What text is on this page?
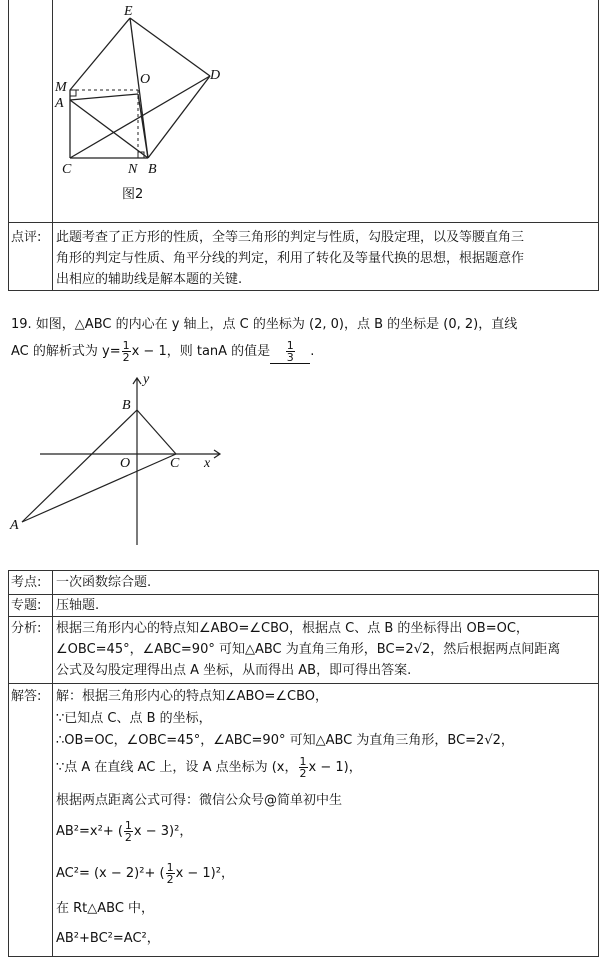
E
M
A
O	D
C	N B
图2
点评: 此题考查了正方形的性质，全等三角形的判定与性质，勾股定理，以及等腰直角三
角形的判定与性质、角平分线的判定，利用了转化及等量代换的思想，根据题意作
出相应的辅助线是解本题的关键.
19. 如图，△ABC 的内心在 y 轴上，点 C 的坐标为 (2, 0)，点 B 的坐标是 (0, 2)，直线
AC 的解析式为 $y= \frac{1}{2}$ x − 1，则 tanA 的值是 $\frac{1}{3}$ .
y
B
O	C x
A
考点: 一次函数综合题.
专题: 压轴题.
分析: 根据三角形内心的特点知∠ABO=∠CBO，根据点 C、点 B 的坐标得出 OB=OC，
∠OBC=45°，∠ABC=90° 可知△ABC 为直角三角形，BC=2√2，然后根据两点间距离
公式及勾股定理得出点 A 坐标，从而得出 AB，即可得出答案.
解答: 解：根据三角形内心的特点知∠ABO=∠CBO，
∵已知点 C、点 B 的坐标，
∴OB=OC，∠OBC=45°，∠ABC=90° 可知△ABC 为直角三角形，BC=2√2，
∵点 A 在直线 AC 上，设 A 点坐标为 (x， $\frac{1}{2}$ x − 1)，
根据两点距离公式可得：微信公众号@简单初中生
AB²=x²+ ( $\frac{1}{2}$ x − 3)²，
AC²= (x − 2)²+ ( $\frac{1}{2}$ x − 1)²，
在 Rt△ABC 中，
AB²+BC²=AC²，
